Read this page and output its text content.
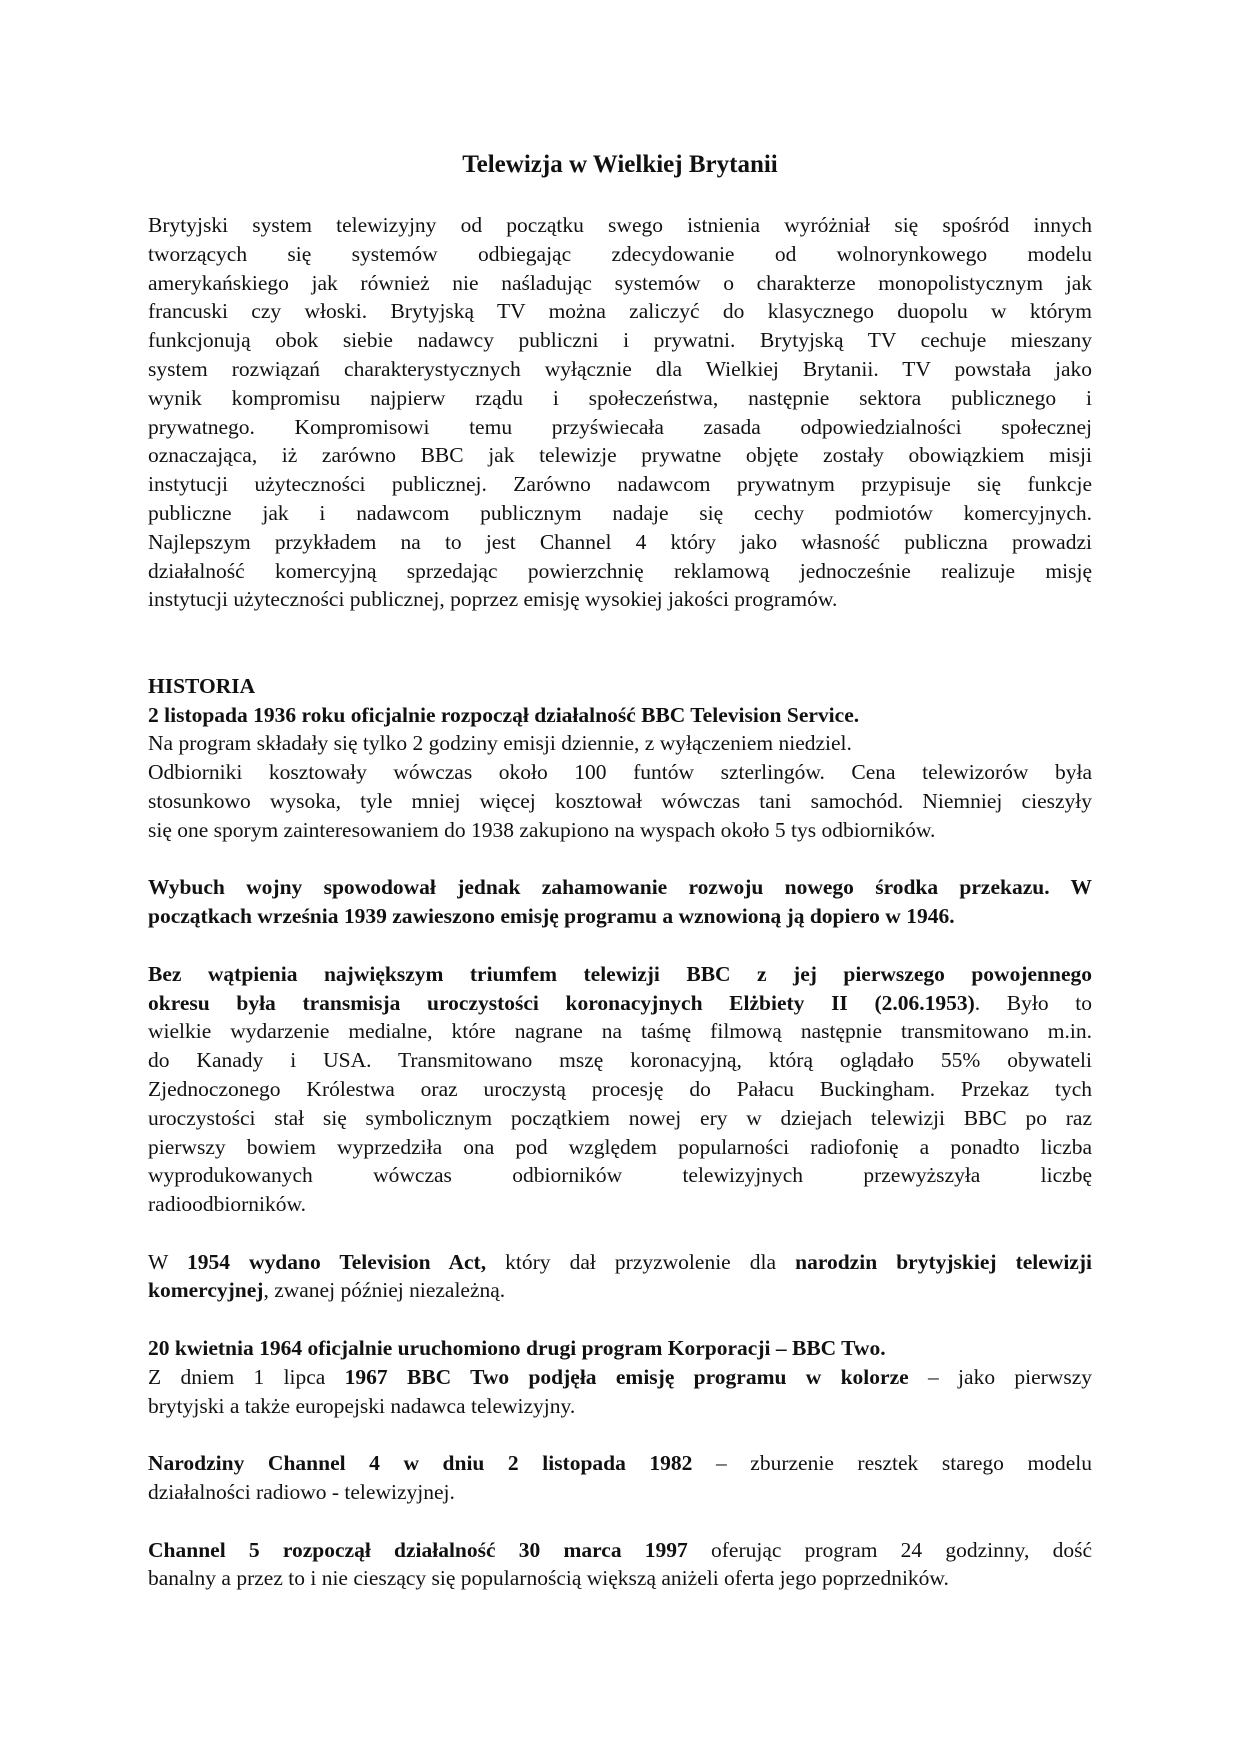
Telewizja w Wielkiej Brytanii
Brytyjski system telewizyjny od początku swego istnienia wyróżniał się spośród innych
tworzących się systemów odbiegając zdecydowanie od wolnorynkowego modelu
amerykańskiego jak również nie naśladując systemów o charakterze monopolistycznym jak
francuski czy włoski. Brytyjską TV można zaliczyć do klasycznego duopolu w którym
funkcjonują obok siebie nadawcy publiczni i prywatni. Brytyjską TV cechuje mieszany
system rozwiązań charakterystycznych wyłącznie dla Wielkiej Brytanii. TV powstała jako
wynik kompromisu najpierw rządu i społeczeństwa, następnie sektora publicznego i
prywatnego. Kompromisowi temu przyświecała zasada odpowiedzialności społecznej
oznaczająca, iż zarówno BBC jak telewizje prywatne objęte zostały obowiązkiem misji
instytucji użyteczności publicznej. Zarówno nadawcom prywatnym przypisuje się funkcje
publiczne jak i nadawcom publicznym nadaje się cechy podmiotów komercyjnych.
Najlepszym przykładem na to jest Channel 4 który jako własność publiczna prowadzi
działalność komercyjną sprzedając powierzchnię reklamową jednocześnie realizuje misję
instytucji użyteczności publicznej, poprzez emisję wysokiej jakości programów.
HISTORIA
2 listopada 1936 roku oficjalnie rozpoczął działalność BBC Television Service.
Na program składały się tylko 2 godziny emisji dziennie, z wyłączeniem niedziel.
Odbiorniki kosztowały wówczas około 100 funtów szterlingów. Cena telewizorów była
stosunkowo wysoka, tyle mniej więcej kosztował wówczas tani samochód. Niemniej cieszyły
się one sporym zainteresowaniem do 1938 zakupiono na wyspach około 5 tys odbiorników.
Wybuch wojny spowodował jednak zahamowanie rozwoju nowego środka przekazu. W
początkach września 1939 zawieszono emisję programu a wznowioną ją dopiero w 1946.
Bez wątpienia największym triumfem telewizji BBC z jej pierwszego powojennego
okresu była transmisja uroczystości koronacyjnych Elżbiety II (2.06.1953). Było to
wielkie wydarzenie medialne, które nagrane na taśmę filmową następnie transmitowano m.in.
do Kanady i USA. Transmitowano mszę koronacyjną, którą oglądało 55% obywateli
Zjednoczonego Królestwa oraz uroczystą procesję do Pałacu Buckingham. Przekaz tych
uroczystości stał się symbolicznym początkiem nowej ery w dziejach telewizji BBC po raz
pierwszy bowiem wyprzedziła ona pod względem popularności radiofonię a ponadto liczba
wyprodukowanych wówczas odbiorników telewizyjnych przewyższyła liczbę
radioodbiorników.
W 1954 wydano Television Act, który dał przyzwolenie dla narodzin brytyjskiej telewizji
komercyjnej, zwanej później niezależną.
20 kwietnia 1964 oficjalnie uruchomiono drugi program Korporacji – BBC Two.
Z dniem 1 lipca 1967 BBC Two podjęła emisję programu w kolorze – jako pierwszy
brytyjski a także europejski nadawca telewizyjny.
Narodziny Channel 4 w dniu 2 listopada 1982 – zburzenie resztek starego modelu
działalności radiowo - telewizyjnej.
Channel 5 rozpoczął działalność 30 marca 1997 oferując program 24 godzinny, dość
banalny a przez to i nie cieszący się popularnością większą aniżeli oferta jego poprzedników.
